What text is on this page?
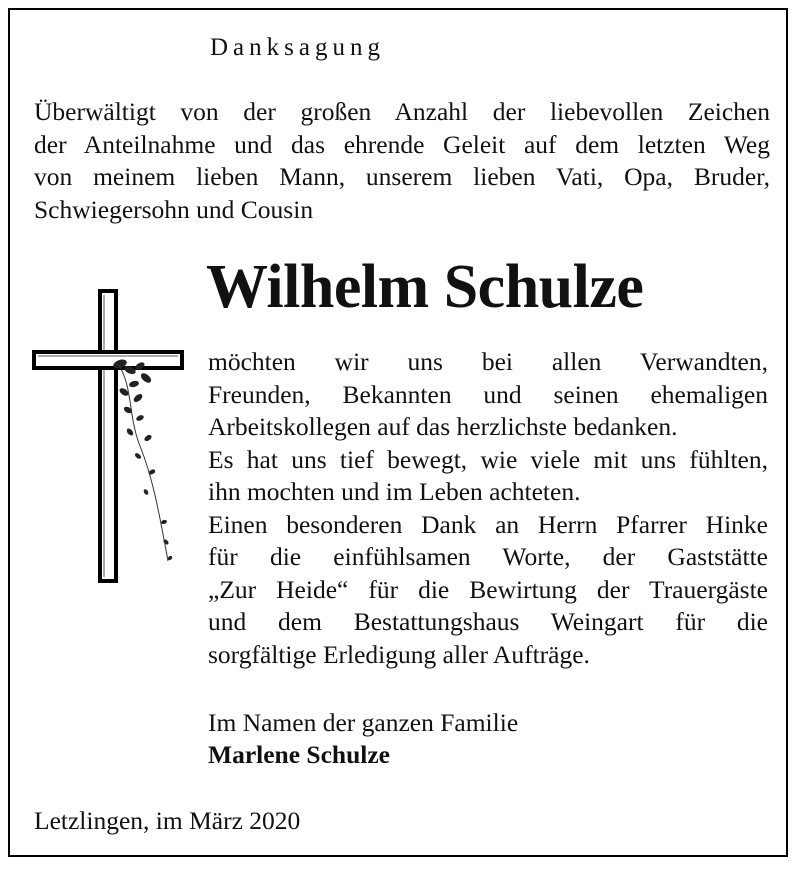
Danksagung
Überwältigt von der großen Anzahl der liebevollen Zeichen
der Anteilnahme und das ehrende Geleit auf dem letzten Weg
von meinem lieben Mann, unserem lieben Vati, Opa, Bruder,
Schwiegersohn und Cousin
Wilhelm Schulze
möchten wir uns bei allen Verwandten,
Freunden, Bekannten und seinen ehemaligen
Arbeitskollegen auf das herzlichste bedanken.
Es hat uns tief bewegt, wie viele mit uns fühlten,
ihn mochten und im Leben achteten.
Einen besonderen Dank an Herrn Pfarrer Hinke
für die einfühlsamen Worte, der Gaststätte
„Zur Heide“ für die Bewirtung der Trauergäste
und dem Bestattungshaus Weingart für die
sorgfältige Erledigung aller Aufträge.
Im Namen der ganzen Familie
Marlene Schulze
Letzlingen, im März 2020
